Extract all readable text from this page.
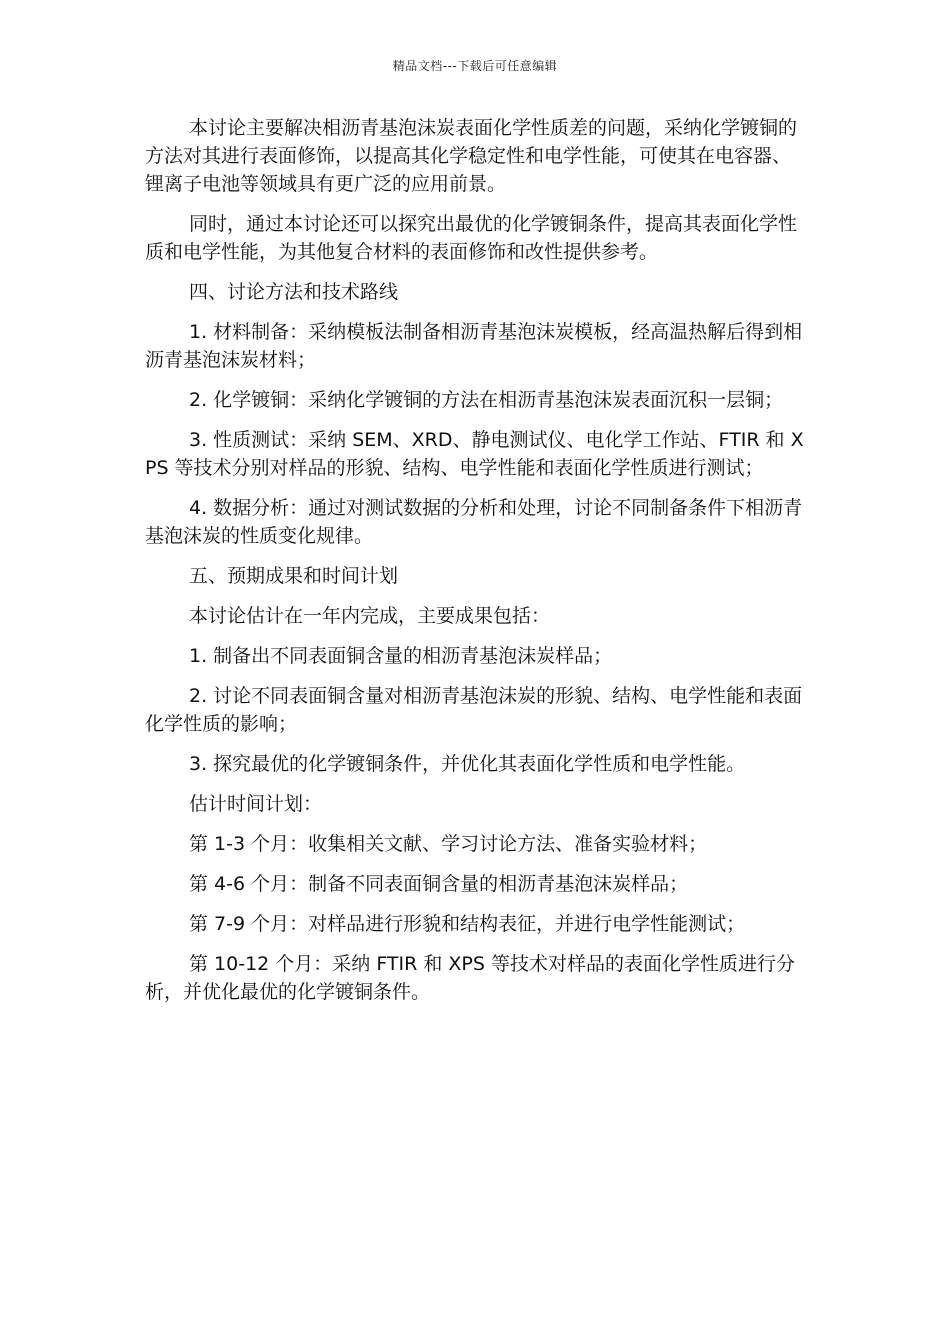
精品文档---下载后可任意编辑

本讨论主要解决相沥青基泡沫炭表面化学性质差的问题，采纳化学镀铜的方法对其进行表面修饰，以提高其化学稳定性和电学性能，可使其在电容器、锂离子电池等领域具有更广泛的应用前景。

同时，通过本讨论还可以探究出最优的化学镀铜条件，提高其表面化学性质和电学性能，为其他复合材料的表面修饰和改性提供参考。

四、讨论方法和技术路线

1. 材料制备：采纳模板法制备相沥青基泡沫炭模板，经高温热解后得到相沥青基泡沫炭材料；

2. 化学镀铜：采纳化学镀铜的方法在相沥青基泡沫炭表面沉积一层铜；

3. 性质测试：采纳 SEM、XRD、静电测试仪、电化学工作站、FTIR 和 XPS 等技术分别对样品的形貌、结构、电学性能和表面化学性质进行测试；

4. 数据分析：通过对测试数据的分析和处理，讨论不同制备条件下相沥青基泡沫炭的性质变化规律。

五、预期成果和时间计划

本讨论估计在一年内完成，主要成果包括：

1. 制备出不同表面铜含量的相沥青基泡沫炭样品；

2. 讨论不同表面铜含量对相沥青基泡沫炭的形貌、结构、电学性能和表面化学性质的影响；

3. 探究最优的化学镀铜条件，并优化其表面化学性质和电学性能。

估计时间计划：

第 1-3 个月：收集相关文献、学习讨论方法、准备实验材料；

第 4-6 个月：制备不同表面铜含量的相沥青基泡沫炭样品；

第 7-9 个月：对样品进行形貌和结构表征，并进行电学性能测试；

第 10-12 个月：采纳 FTIR 和 XPS 等技术对样品的表面化学性质进行分析，并优化最优的化学镀铜条件。
